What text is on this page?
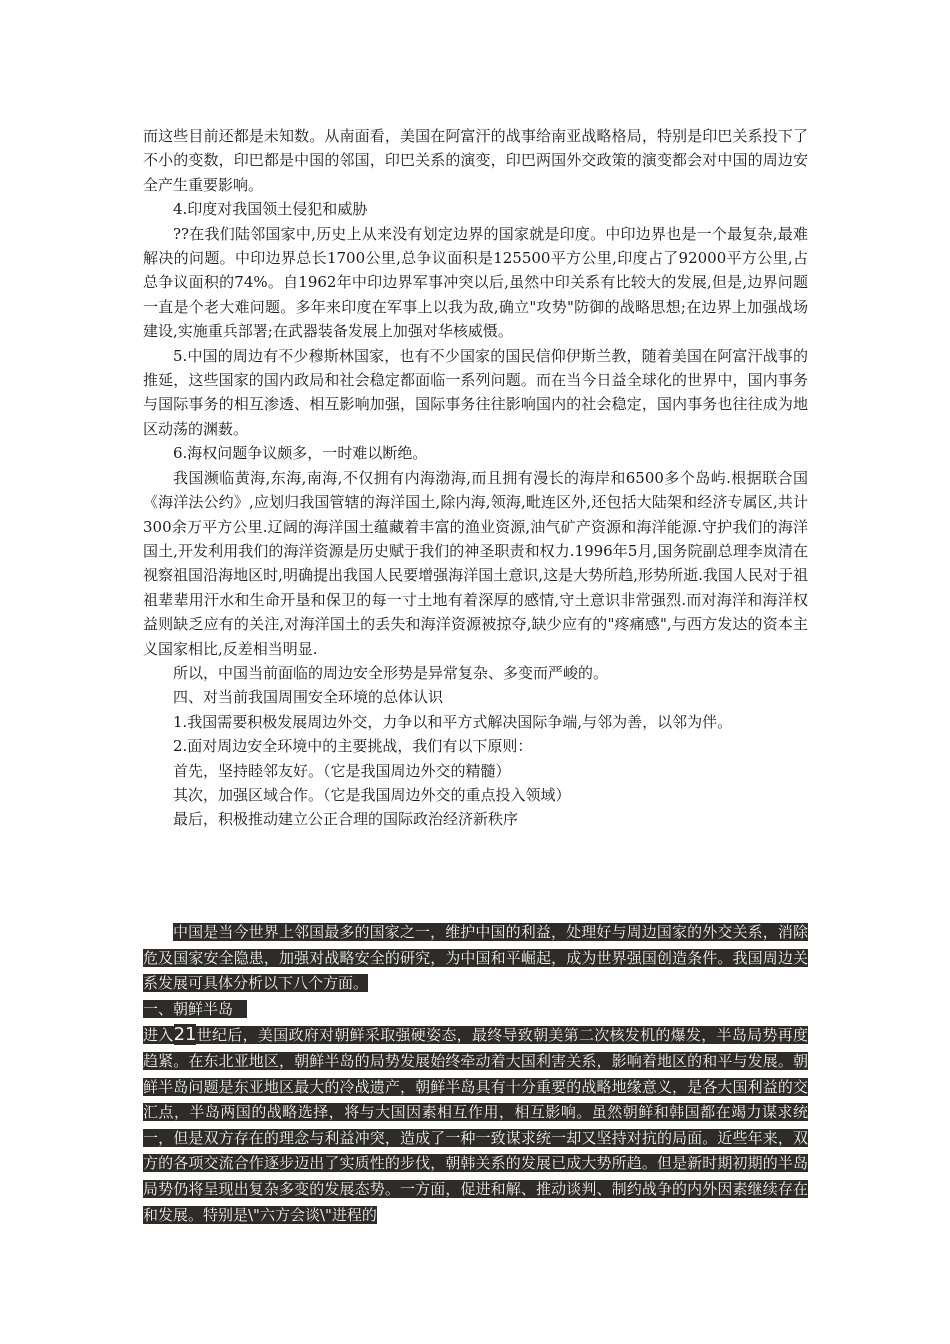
而这些目前还都是未知数。从南面看，美国在阿富汗的战事给南亚战略格局，特别是印巴关系投下了不小的变数，印巴都是中国的邻国，印巴关系的演变，印巴两国外交政策的演变都会对中国的周边安全产生重要影响。

4.印度对我国领土侵犯和威胁

??在我们陆邻国家中,历史上从来没有划定边界的国家就是印度。中印边界也是一个最复杂,最难解决的问题。中印边界总长1700公里,总争议面积是125500平方公里,印度占了92000平方公里,占总争议面积的74%。自1962年中印边界军事冲突以后,虽然中印关系有比较大的发展,但是,边界问题一直是个老大难问题。多年来印度在军事上以我为敌,确立"攻势"防御的战略思想;在边界上加强战场建设,实施重兵部署;在武器装备发展上加强对华核威慑。

5.中国的周边有不少穆斯林国家，也有不少国家的国民信仰伊斯兰教，随着美国在阿富汗战事的推延，这些国家的国内政局和社会稳定都面临一系列问题。而在当今日益全球化的世界中，国内事务与国际事务的相互渗透、相互影响加强，国际事务往往影响国内的社会稳定，国内事务也往往成为地区动荡的渊薮。

6.海权问题争议颇多，一时难以断绝。

我国濒临黄海,东海,南海,不仅拥有内海渤海,而且拥有漫长的海岸和6500多个岛屿.根据联合国《海洋法公约》,应划归我国管辖的海洋国土,除内海,领海,毗连区外,还包括大陆架和经济专属区,共计300余万平方公里.辽阔的海洋国土蕴藏着丰富的渔业资源,油气矿产资源和海洋能源.守护我们的海洋国土,开发利用我们的海洋资源是历史赋于我们的神圣职责和权力.1996年5月,国务院副总理李岚清在视察祖国沿海地区时,明确提出我国人民要增强海洋国土意识,这是大势所趋,形势所逝.我国人民对于祖祖辈辈用汗水和生命开垦和保卫的每一寸土地有着深厚的感情,守土意识非常强烈.而对海洋和海洋权益则缺乏应有的关注,对海洋国土的丢失和海洋资源被掠夺,缺少应有的"疼痛感",与西方发达的资本主义国家相比,反差相当明显.

所以，中国当前面临的周边安全形势是异常复杂、多变而严峻的。

四、对当前我国周围安全环境的总体认识

1.我国需要积极发展周边外交，力争以和平方式解决国际争端,与邻为善，以邻为伴。

2.面对周边安全环境中的主要挑战，我们有以下原则：

首先，坚持睦邻友好。（它是我国周边外交的精髓）

其次，加强区域合作。（它是我国周边外交的重点投入领域）

最后，积极推动建立公正合理的国际政治经济新秩序

中国是当今世界上邻国最多的国家之一，维护中国的利益，处理好与周边国家的外交关系，消除危及国家安全隐患，加强对战略安全的研究，为中国和平崛起，成为世界强国创造条件。我国周边关系发展可具体分析以下八个方面。

一、朝鲜半岛

进入21世纪后，美国政府对朝鲜采取强硬姿态，最终导致朝美第二次核发机的爆发，半岛局势再度趋紧。在东北亚地区，朝鲜半岛的局势发展始终牵动着大国利害关系，影响着地区的和平与发展。朝鲜半岛问题是东亚地区最大的冷战遗产，朝鲜半岛具有十分重要的战略地缘意义，是各大国利益的交汇点，半岛两国的战略选择，将与大国因素相互作用，相互影响。虽然朝鲜和韩国都在竭力谋求统一，但是双方存在的理念与利益冲突，造成了一种一致谋求统一却又坚持对抗的局面。近些年来，双方的各项交流合作逐步迈出了实质性的步伐，朝韩关系的发展已成大势所趋。但是新时期初期的半岛局势仍将呈现出复杂多变的发展态势。一方面，促进和解、推动谈判、制约战争的内外因素继续存在和发展。特别是\"六方会谈\"进程的
